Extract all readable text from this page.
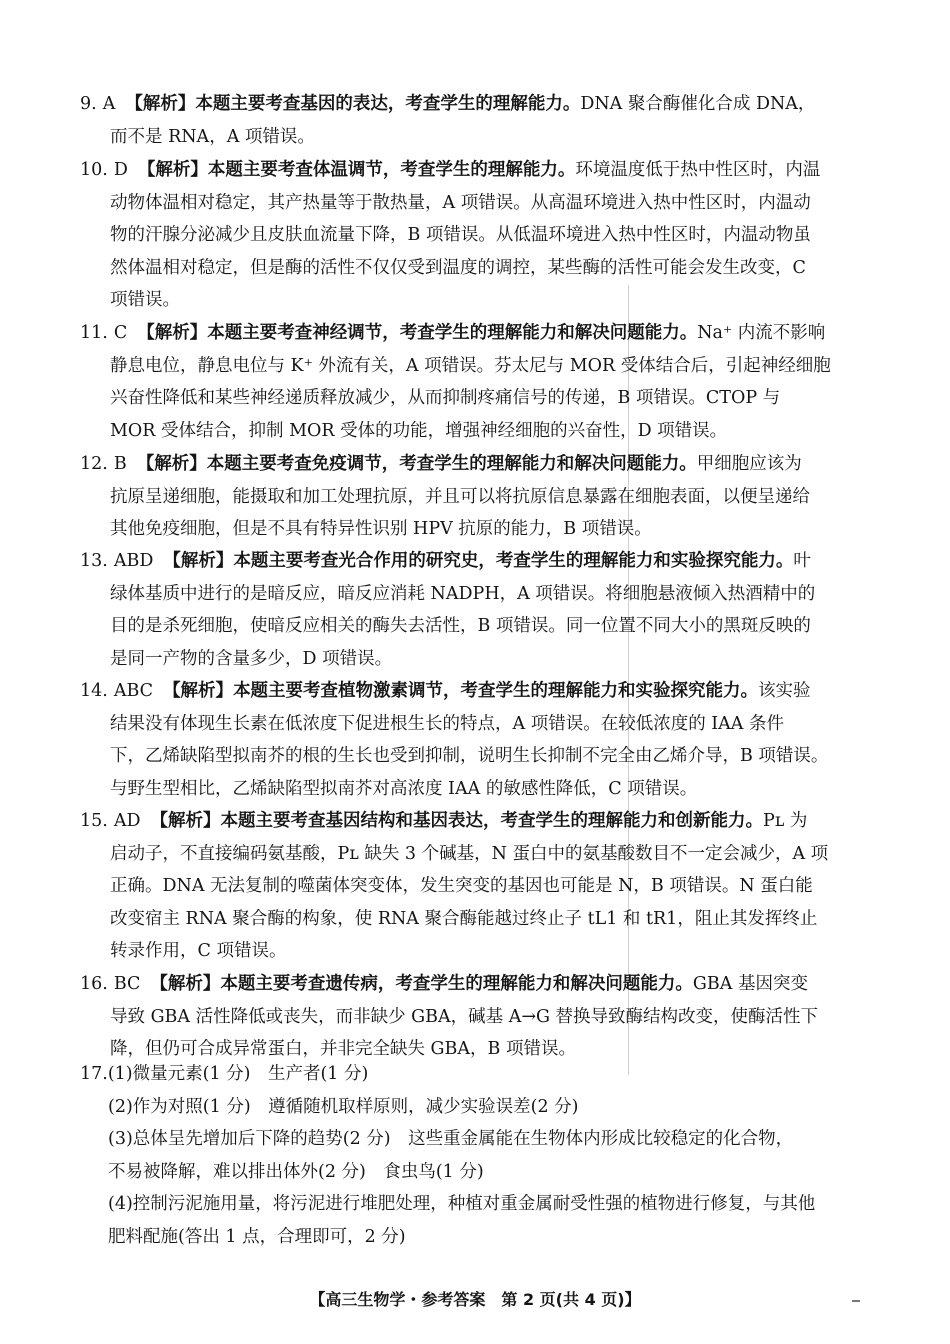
9. A 【解析】本题主要考查基因的表达，考查学生的理解能力。DNA 聚合酶催化合成 DNA，
而不是 RNA，A 项错误。
10. D 【解析】本题主要考查体温调节，考查学生的理解能力。环境温度低于热中性区时，内温
动物体温相对稳定，其产热量等于散热量，A 项错误。从高温环境进入热中性区时，内温动
物的汗腺分泌减少且皮肤血流量下降，B 项错误。从低温环境进入热中性区时，内温动物虽
然体温相对稳定，但是酶的活性不仅仅受到温度的调控，某些酶的活性可能会发生改变，C
项错误。
11. C 【解析】本题主要考查神经调节，考查学生的理解能力和解决问题能力。Na⁺ 内流不影响
静息电位，静息电位与 K⁺ 外流有关，A 项错误。芬太尼与 MOR 受体结合后，引起神经细胞
兴奋性降低和某些神经递质释放减少，从而抑制疼痛信号的传递，B 项错误。CTOP 与
MOR 受体结合，抑制 MOR 受体的功能，增强神经细胞的兴奋性，D 项错误。
12. B 【解析】本题主要考查免疫调节，考查学生的理解能力和解决问题能力。甲细胞应该为
抗原呈递细胞，能摄取和加工处理抗原，并且可以将抗原信息暴露在细胞表面，以便呈递给
其他免疫细胞，但是不具有特异性识别 HPV 抗原的能力，B 项错误。
13. ABD 【解析】本题主要考查光合作用的研究史，考查学生的理解能力和实验探究能力。叶
绿体基质中进行的是暗反应，暗反应消耗 NADPH，A 项错误。将细胞悬液倾入热酒精中的
目的是杀死细胞，使暗反应相关的酶失去活性，B 项错误。同一位置不同大小的黑斑反映的
是同一产物的含量多少，D 项错误。
14. ABC 【解析】本题主要考查植物激素调节，考查学生的理解能力和实验探究能力。该实验
结果没有体现生长素在低浓度下促进根生长的特点，A 项错误。在较低浓度的 IAA 条件
下，乙烯缺陷型拟南芥的根的生长也受到抑制，说明生长抑制不完全由乙烯介导，B 项错误。
与野生型相比，乙烯缺陷型拟南芥对高浓度 IAA 的敏感性降低，C 项错误。
15. AD 【解析】本题主要考查基因结构和基因表达，考查学生的理解能力和创新能力。Pʟ 为
启动子，不直接编码氨基酸，Pʟ 缺失 3 个碱基，N 蛋白中的氨基酸数目不一定会减少，A 项
正确。DNA 无法复制的噬菌体突变体，发生突变的基因也可能是 N，B 项错误。N 蛋白能
改变宿主 RNA 聚合酶的构象，使 RNA 聚合酶能越过终止子 tL1 和 tR1，阻止其发挥终止
转录作用，C 项错误。
16. BC 【解析】本题主要考查遗传病，考查学生的理解能力和解决问题能力。GBA 基因突变
导致 GBA 活性降低或丧失，而非缺少 GBA，碱基 A→G 替换导致酶结构改变，使酶活性下
降，但仍可合成异常蛋白，并非完全缺失 GBA，B 项错误。
17.(1)微量元素(1 分)　生产者(1 分)
(2)作为对照(1 分)　遵循随机取样原则，减少实验误差(2 分)
(3)总体呈先增加后下降的趋势(2 分)　这些重金属能在生物体内形成比较稳定的化合物，
不易被降解，难以排出体外(2 分)　食虫鸟(1 分)
(4)控制污泥施用量，将污泥进行堆肥处理，种植对重金属耐受性强的植物进行修复，与其他
肥料配施(答出 1 点，合理即可，2 分)
【高三生物学・参考答案　第 2 页(共 4 页)】
